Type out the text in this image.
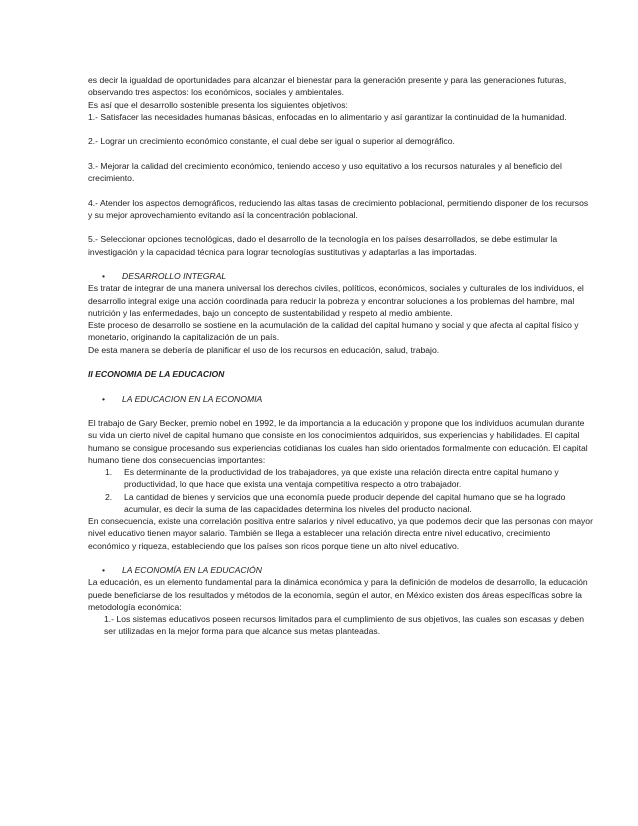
es decir la igualdad de oportunidades para alcanzar el bienestar para la generación presente y para las generaciones futuras, observando tres aspectos: los económicos, sociales y ambientales.

Es así que el desarrollo sostenible presenta los siguientes objetivos:

1.- Satisfacer las necesidades humanas básicas, enfocadas en lo alimentario y así garantizar la continuidad de la humanidad.

2.- Lograr un crecimiento económico constante, el cual debe ser igual o superior al demográfico.

3.- Mejorar la calidad del crecimiento económico, teniendo acceso y uso equitativo a los recursos naturales y al beneficio del crecimiento.

4.- Atender los aspectos demográficos, reduciendo las altas tasas de crecimiento poblacional, permitiendo disponer de los recursos y su mejor aprovechamiento evitando así la concentración poblacional.

5.- Seleccionar opciones tecnológicas, dado el desarrollo de la tecnología en los países desarrollados, se debe estimular la investigación y la capacidad técnica para lograr tecnologías sustitutivas y adaptarlas a las importadas.

• DESARROLLO INTEGRAL

Es tratar de integrar de una manera universal los derechos civiles, políticos, económicos, sociales y culturales de los individuos, el desarrollo integral exige una acción coordinada para reducir la pobreza y encontrar soluciones a los problemas del hambre, mal nutrición y las enfermedades, bajo un concepto de sustentabilidad y respeto al medio ambiente.

Este proceso de desarrollo se sostiene en la acumulación de la calidad del capital humano y social y que afecta al capital físico y monetario, originando la capitalización de un país.

De esta manera se debería de planificar el uso de los recursos en educación, salud, trabajo.

II ECONOMIA DE LA EDUCACION

• LA EDUCACION EN LA ECONOMIA

El trabajo de Gary Becker, premio nobel en 1992, le da importancia a la educación y propone que los individuos acumulan durante su vida un cierto nivel de capital humano que consiste en los conocimientos adquiridos, sus experiencias y habilidades. El capital humano se consigue procesando sus experiencias cotidianas los cuales han sido orientados formalmente con educación. El capital humano tiene dos consecuencias importantes:

1. Es determinante de la productividad de los trabajadores, ya que existe una relación directa entre capital humano y productividad, lo que hace que exista una ventaja competitiva respecto a otro trabajador.
2. La cantidad de bienes y servicios que una economía puede producir depende del capital humano que se ha logrado acumular, es decir la suma de las capacidades determina los niveles del producto nacional.

En consecuencia, existe una correlación positiva entre salarios y nivel educativo, ya que podemos decir que las personas con mayor nivel educativo tienen mayor salario. También se llega a establecer una relación directa entre nivel educativo, crecimiento económico y riqueza, estableciendo que los países son ricos porque tiene un alto nivel educativo.

• LA ECONOMÍA EN LA EDUCACIÓN

La educación, es un elemento fundamental para la dinámica económica y para la definición de modelos de desarrollo, la educación puede beneficiarse de los resultados y métodos de la economía, según el autor, en México existen dos áreas específicas sobre la metodología económica:

1.- Los sistemas educativos poseen recursos limitados para el cumplimiento de sus objetivos, las cuales son escasas y deben ser utilizadas en la mejor forma para que alcance sus metas planteadas.
